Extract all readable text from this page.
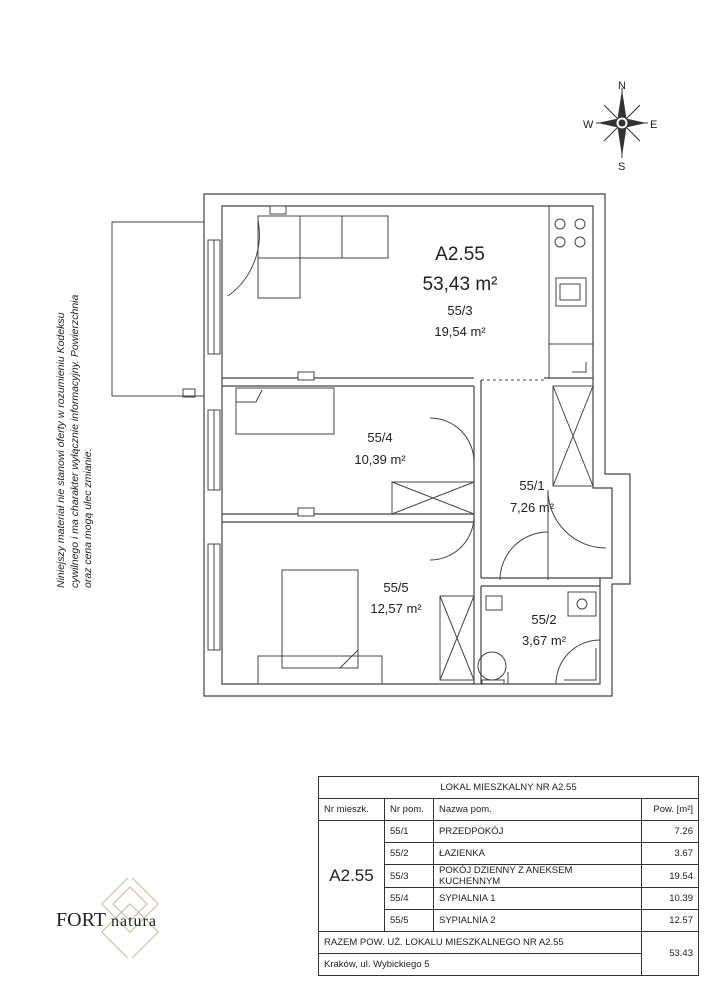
N
E
S
W
A2.55
53,43 m²
55/3
19,54 m²
55/4
10,39 m²
55/1
7,26 m²
55/5
12,57 m²
55/2
3,67 m²
Niniejszy materiał nie stanowi oferty w rozumieniu Kodeksu cywilnego i ma charakter wyłącznie informacyjny. Powierzchnia oraz cena mogą ulec zmianie.
FORT natura
LOKAL MIESZKALNY NR A2.55			
Nr mieszk.	Nr pom.	Nazwa pom.	Pow. [m²]
A2.55	55/1	PRZEDPOKÓJ	7.26
	55/2	ŁAZIENKA	3.67
	55/3	POKÓJ DZIENNY Z ANEKSEM KUCHENNYM	19.54
	55/4	SYPIALNIA 1	10.39
	55/5	SYPIALNIA 2	12.57
RAZEM POW. UŻ. LOKALU MIESZKALNEGO NR A2.55			53.43
Kraków, ul. Wybickiego 5			
